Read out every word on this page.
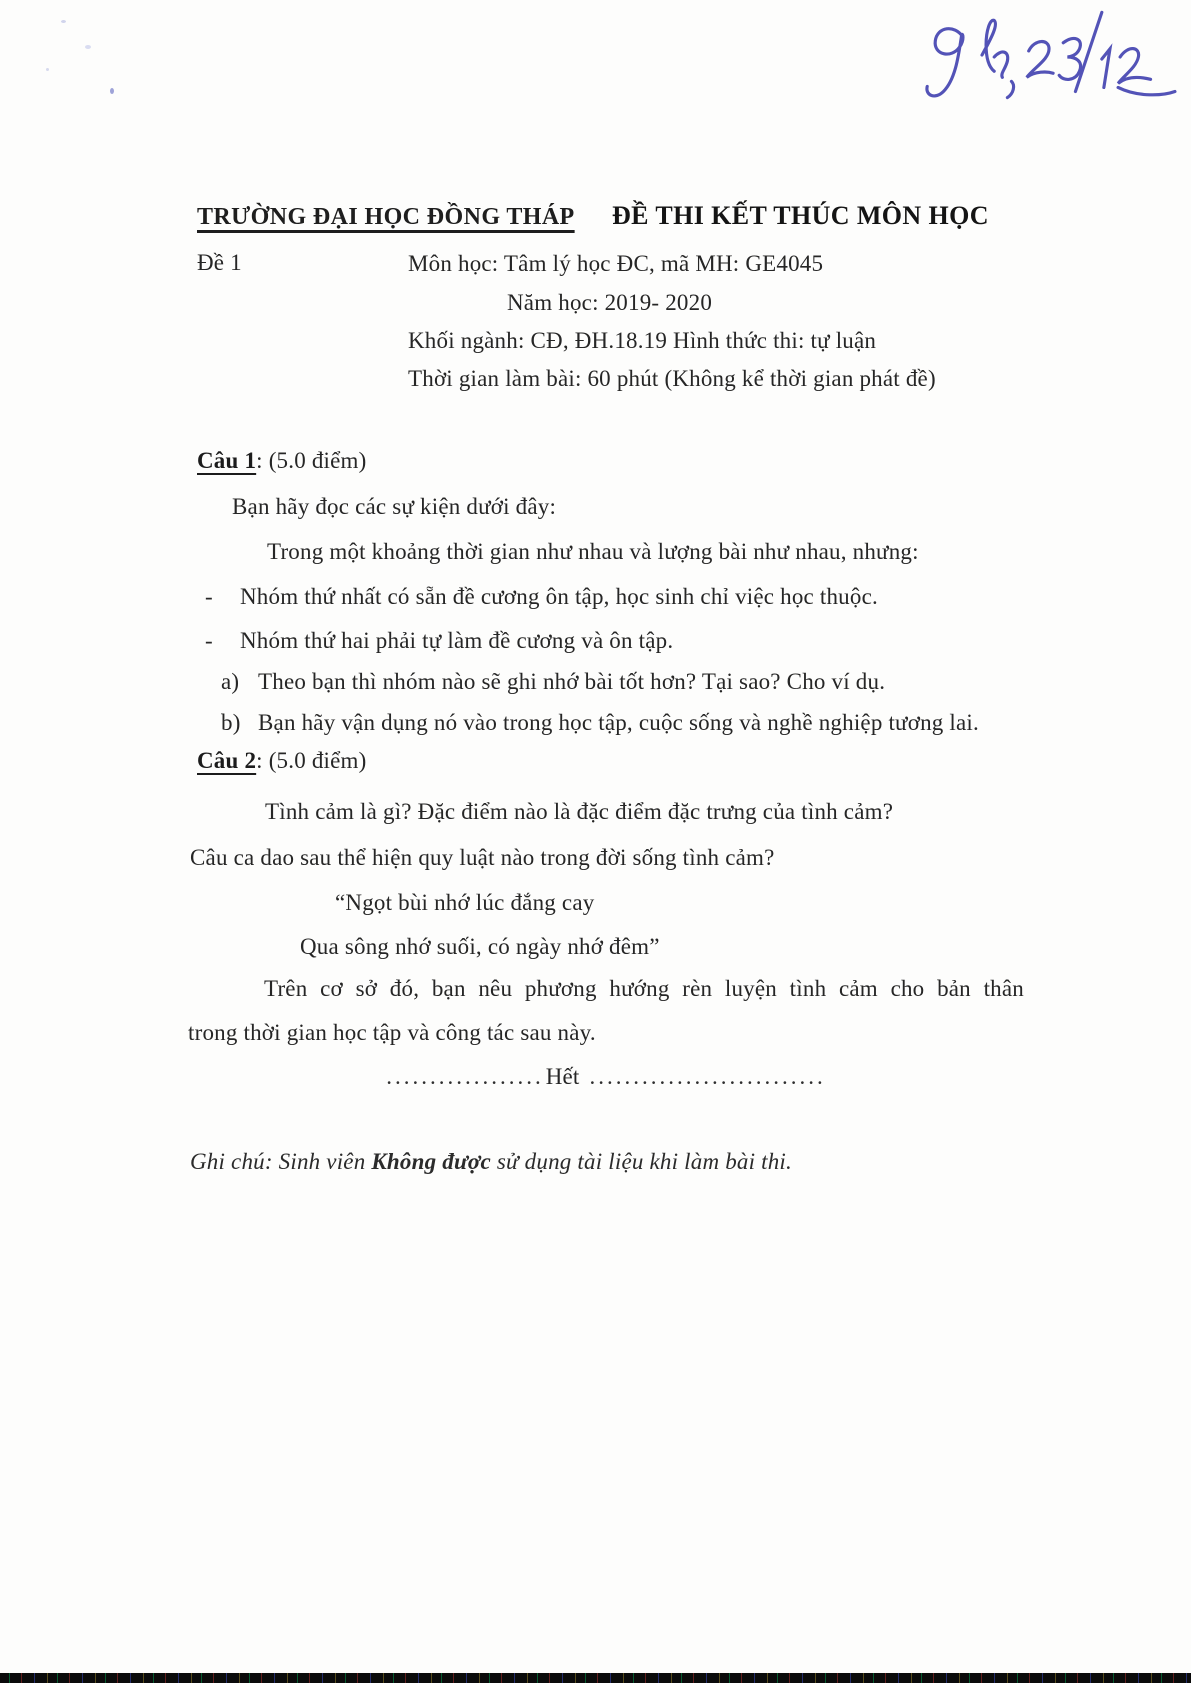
TRƯỜNG ĐẠI HỌC ĐỒNG THÁP ĐỀ THI KẾT THÚC MÔN HỌC
Đề 1	Môn học: Tâm lý học ĐC, mã MH: GE4045
Năm học: 2019- 2020
Khối ngành: CĐ, ĐH.18.19 Hình thức thi: tự luận
Thời gian làm bài: 60 phút (Không kể thời gian phát đề)
Câu 1: (5.0 điểm)
Bạn hãy đọc các sự kiện dưới đây:
Trong một khoảng thời gian như nhau và lượng bài như nhau, nhưng:
- Nhóm thứ nhất có sẵn đề cương ôn tập, học sinh chỉ việc học thuộc.
- Nhóm thứ hai phải tự làm đề cương và ôn tập.
a) Theo bạn thì nhóm nào sẽ ghi nhớ bài tốt hơn? Tại sao? Cho ví dụ.
b) Bạn hãy vận dụng nó vào trong học tập, cuộc sống và nghề nghiệp tương lai.
Câu 2: (5.0 điểm)
Tình cảm là gì? Đặc điểm nào là đặc điểm đặc trưng của tình cảm?
Câu ca dao sau thể hiện quy luật nào trong đời sống tình cảm?
“Ngọt bùi nhớ lúc đắng cay
Qua sông nhớ suối, có ngày nhớ đêm”
Trên cơ sở đó, bạn nêu phương hướng rèn luyện tình cảm cho bản thân
trong thời gian học tập và công tác sau này.
..................Hết ...........................
Ghi chú: Sinh viên Không được sử dụng tài liệu khi làm bài thi.
